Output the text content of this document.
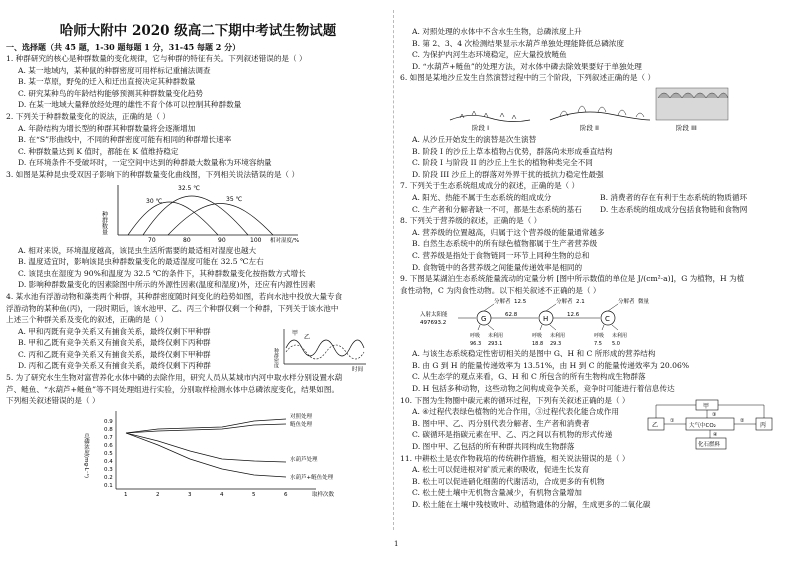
哈师大附中 2020 级高二下期中考试生物试题
一、选择题（共 45 题，1-30 题每题 1 分，31-45 每题 2 分）
1. 种群研究的核心是种群数量的变化规律，它与种群的特征有关。下列叙述错误的是（ ）
A. 某一地域内，某种鼠的种群密度可用样标记重捕法调查
B. 某一草原，野兔的迁入和迁出直接决定其种群数量
C. 研究某种鸟的年龄结构能够预测其种群数量变化趋势
D. 在某一地域大量释放经处理的雄性不育个体可以控制其种群数量
2. 下列关于种群数量变化的说法，正确的是（ ）
A. 年龄结构为增长型的种群其种群数量将会逐渐增加
B. 在“S”形曲线中，不同的种群密度可能有相同的种群增长速率
C. 种群数量达到 K 值时，都能在 K 值维持稳定
D. 在环境条件不受破坏时，一定空间中达到的种群最大数量称为环境容纳量
3. 如图是某种昆虫受双因子影响下的种群数量变化曲线图，下列相关说法错误的是（ ）
种群数量
30 ℃
32.5 ℃
35 ℃
70	80	90	100 相对湿度/%
A. 相对来说，环境温度越高，该昆虫生活所需要的最适相对湿度也越大
B. 温度适宜时，影响该昆虫种群数量变化的最适湿度可能在 32.5 ℃左右
C. 该昆虫在湿度为 90%和温度为 32.5 ℃的条件下，其种群数量变化按指数方式增长
D. 影响种群数量变化的因素除图中所示的外源性因素(温度和湿度)外，还应有内源性因素
4. 某水池有浮游动物和藻类两个种群，其种群密度随时间变化的趋势如图，若向水池中投放大量专食
浮游动物的某种鱼(丙)，一段时期后，该水池甲、乙、丙三个种群仅剩一个种群，下列关于该水池中
上述三个种群关系及变化的叙述，正确的是（ ）
A. 甲和丙既有竞争关系又有捕食关系，最终仅剩下甲种群
B. 甲和乙既有竞争关系又有捕食关系，最终仅剩下丙种群
C. 丙和乙既有竞争关系又有捕食关系，最终仅剩下甲种群
D. 丙和乙既有竞争关系又有捕食关系，最终仅剩下丙种群
甲
乙
种群密度
时间
5. 为了研究水生生物对富营养化水体中磷的去除作用，研究人员从某城市内河中取水样分别设置水葫
芦、鲢鱼、“水葫芦+鲢鱼”等不同处理组进行实验，分别取样检测水体中总磷浓度变化，结果如图。
下列相关叙述错误的是（ ）
总磷浓度(mg·L⁻¹)
0.1
0.2
0.3
0.4
0.5
0.6
0.7
0.8
0.9
1	2	3	4	5	6	取样次数
对照处理
鲢鱼处理
水葫芦处理
水葫芦+鲢鱼处理
A. 对照处理的水体中不含水生生物，总磷浓度上升
B. 第 2、3、4 次检测结果显示水葫芦单独处理能降低总磷浓度
C. 为保护内河生态环境稳定，应大量投放鲢鱼
D. “水葫芦+鲢鱼”的处理方法，对水体中磷去除效果要好于单独处理
6. 如图是某地沙丘发生自然演替过程中的三个阶段，下列叙述正确的是（ ）
阶段 I	阶段 II	阶段 III
A. 从沙丘开始发生的演替是次生演替
B. 阶段 I 的沙丘上草本植物占优势，群落尚未形成垂直结构
C. 阶段 I 与阶段 II 的沙丘上生长的植物种类完全不同
D. 阶段 III 沙丘上的群落对外界干扰的抵抗力稳定性最强
7. 下列关于生态系统组成成分的叙述，正确的是（ ）
A. 阳光、热能不属于生态系统的组成成分	B. 消费者的存在有利于生态系统的物质循环
C. 生产者和分解者缺一不可，都是生态系统的基石	D. 生态系统的组成成分包括食物链和食物网
8. 下列关于营养级的叙述，正确的是（ ）
A. 营养级的位置越高，归属于这个营养级的能量通常越多
B. 自然生态系统中的所有绿色植物都属于生产者营养级
C. 营养级是指处于食物链同一环节上同种生物的总和
D. 食物链中的各营养级之间能量传递效率是相同的
9. 下图是某湖泊生态系统能量流动的定量分析 [图中所示数值的单位是 J/(cm²·a)]，G 为植物，H 为植
食性动物，C 为肉食性动物。以下相关叙述不正确的是（ ）
入射太阳能
497693.2	G	62.8	H	12.6	C
分解者 12.5	分解者 2.1	分解者 微量
呼吸 未利用	呼吸 未利用	呼吸 未利用
96.3 293.1	18.8 29.3	7.5 5.0
A. 与该生态系统稳定性密切相关的是图中 G、H 和 C 所形成的营养结构
B. 由 G 到 H 的能量传递效率为 13.51%，由 H 到 C 的能量传递效率为 20.06%
C. 从生态学的观点来看，G、H 和 C 所包含的所有生物构成生物群落
D. H 包括多种动物，这些动物之间构成竞争关系，竞争时可能进行着信息传达
10. 下图为生物圈中碳元素的循环过程，下列有关叙述正确的是（ ）
A. ④过程代表绿色植物的光合作用，③过程代表化能合成作用
B. 图中甲、乙、丙分别代表分解者、生产者和消费者
C. 碳循环是指碳元素在甲、乙、丙之间以有机物的形式传递
D. 图中甲、乙包括的所有种群共同构成生物群落
甲
乙	大气中CO₂	丙
化石燃料
①	②
③
④
11. 中耕松土是农作物栽培的传统耕作措施，相关说法错误的是（ ）
A. 松土可以促进根对矿质元素的吸收，促进生长发育
B. 松土可以促进硝化细菌的代谢活动，合成更多的有机物
C. 松土使土壤中无机物含量减少，有机物含量增加
D. 松土能在土壤中残枝败叶、动植物遗体的分解，生成更多的二氧化碳
1
